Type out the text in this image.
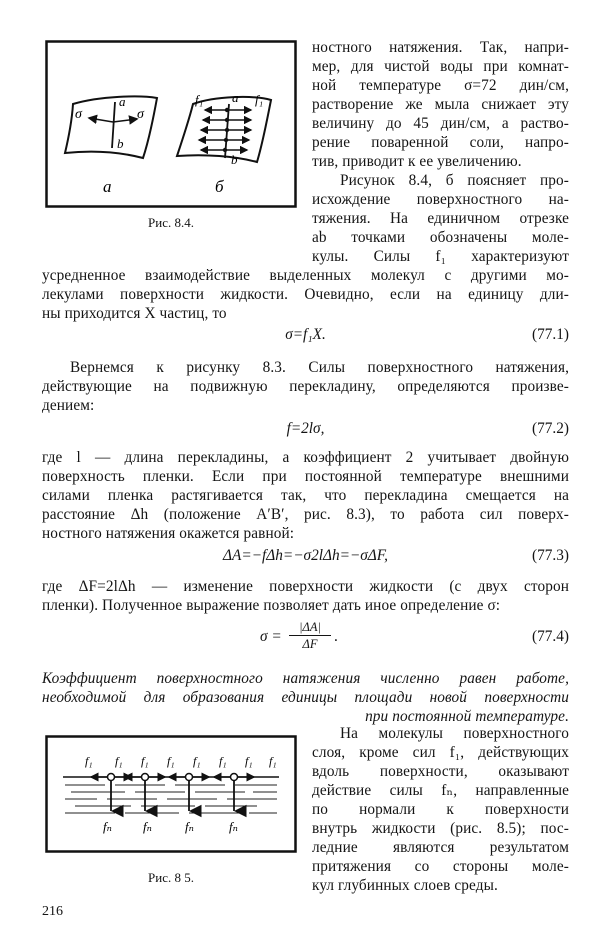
σ	σ
a
b
а
f₁	f₁
a
b
б
Рис. 8.4.
ностного натяжения. Так, напри-
мер, для чистой воды при комнат-
ной температуре σ=72 дин/см,
растворение же мыла снижает эту
величину до 45 дин/см, а раство-
рение поваренной соли, напро-
тив, приводит к ее увеличению.
Рисунок 8.4, б поясняет про-
исхождение поверхностного на-
тяжения. На единичном отрезке
ab точками обозначены моле-
кулы. Силы f₁ характеризуют
усредненное взаимодействие выделенных молекул с другими мо-
лекулами поверхности жидкости. Очевидно, если на единицу дли-
ны приходится X частиц, то
σ=f₁X.	(77.1)
Вернемся к рисунку 8.3. Силы поверхностного натяжения,
действующие на подвижную перекладину, определяются произве-
дением:
f=2lσ,	(77.2)
где l — длина перекладины, а коэффициент 2 учитывает двойную
поверхность пленки. Если при постоянной температуре внешними
силами пленка растягивается так, что перекладина смещается на
расстояние Δh (положение A′B′, рис. 8.3), то работа сил поверх-
ностного натяжения окажется равной:
ΔA=−fΔh=−σ2lΔh=−σΔF,	(77.3)
где ΔF=2lΔh — изменение поверхности жидкости (с двух сторон
пленки). Полученное выражение позволяет дать иное определение σ:
σ =
|ΔA|
ΔF	.	(77.4)
Коэффициент поверхностного натяжения численно равен работе,
необходимой для образования единицы площади новой поверхности
при постоянной температуре.
f₁ f₁ f₁ f₁ f₁ f₁ f₁ f₁
fₙ fₙ	fₙ	fₙ
Рис. 8 5.
На молекулы поверхностного
слоя, кроме сил f₁, действующих
вдоль поверхности, оказывают
действие силы fₙ, направленные
по нормали к поверхности
внутрь жидкости (рис. 8.5); пос-
ледние являются результатом
притяжения со стороны моле-
кул глубинных слоев среды.
216
